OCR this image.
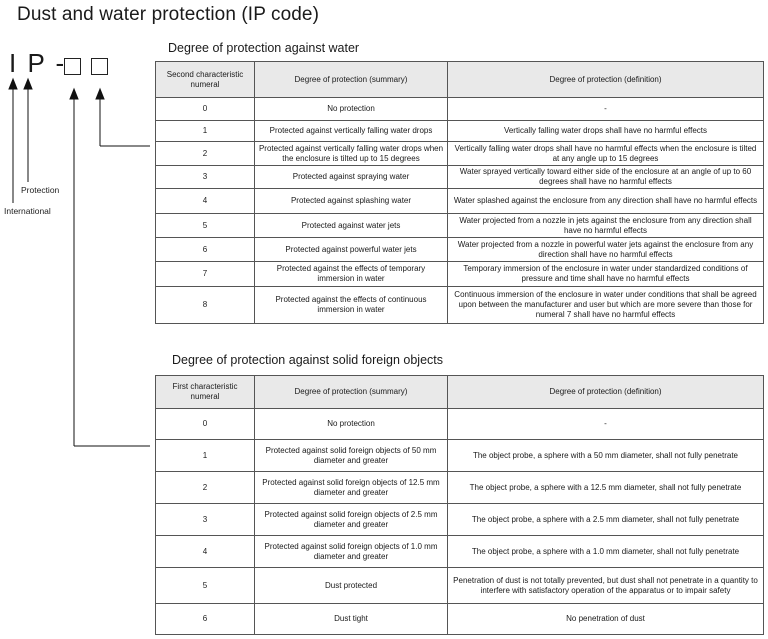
Dust and water protection (IP code)
I P -
Protection
International
Degree of protection against water
Second characteristic numeral	Degree of protection (summary)	Degree of protection (definition)
0	No protection	-
1	Protected against vertically falling water drops	Vertically falling water drops shall have no harmful effects
2	Protected against vertically falling water drops when the enclosure is tilted up to 15 degrees	Vertically falling water drops shall have no harmful effects when the enclosure is tilted at any angle up to 15 degrees
3	Protected against spraying water	Water sprayed vertically toward either side of the enclosure at an angle of up to 60 degrees shall have no harmful effects
4	Protected against splashing water	Water splashed against the enclosure from any direction shall have no harmful effects
5	Protected against water jets	Water projected from a nozzle in jets against the enclosure from any direction shall have no harmful effects
6	Protected against powerful water jets	Water projected from a nozzle in powerful water jets against the enclosure from any direction shall have no harmful effects
7	Protected against the effects of temporary immersion in water	Temporary immersion of the enclosure in water under standardized conditions of pressure and time shall have no harmful effects
8	Protected against the effects of continuous immersion in water	Continuous immersion of the enclosure in water under conditions that shall be agreed upon between the manufacturer and user but which are more severe than those for numeral 7 shall have no harmful effects
Degree of protection against solid foreign objects
First characteristic numeral	Degree of protection (summary)	Degree of protection (definition)
0	No protection	-
1	Protected against solid foreign objects of 50 mm diameter and greater	The object probe, a sphere with a 50 mm diameter, shall not fully penetrate
2	Protected against solid foreign objects of 12.5 mm diameter and greater	The object probe, a sphere with a 12.5 mm diameter, shall not fully penetrate
3	Protected against solid foreign objects of 2.5 mm diameter and greater	The object probe, a sphere with a 2.5 mm diameter, shall not fully penetrate
4	Protected against solid foreign objects of 1.0 mm diameter and greater	The object probe, a sphere with a 1.0 mm diameter, shall not fully penetrate
5	Dust protected	Penetration of dust is not totally prevented, but dust shall not penetrate in a quantity to interfere with satisfactory operation of the apparatus or to impair safety
6	Dust tight	No penetration of dust
